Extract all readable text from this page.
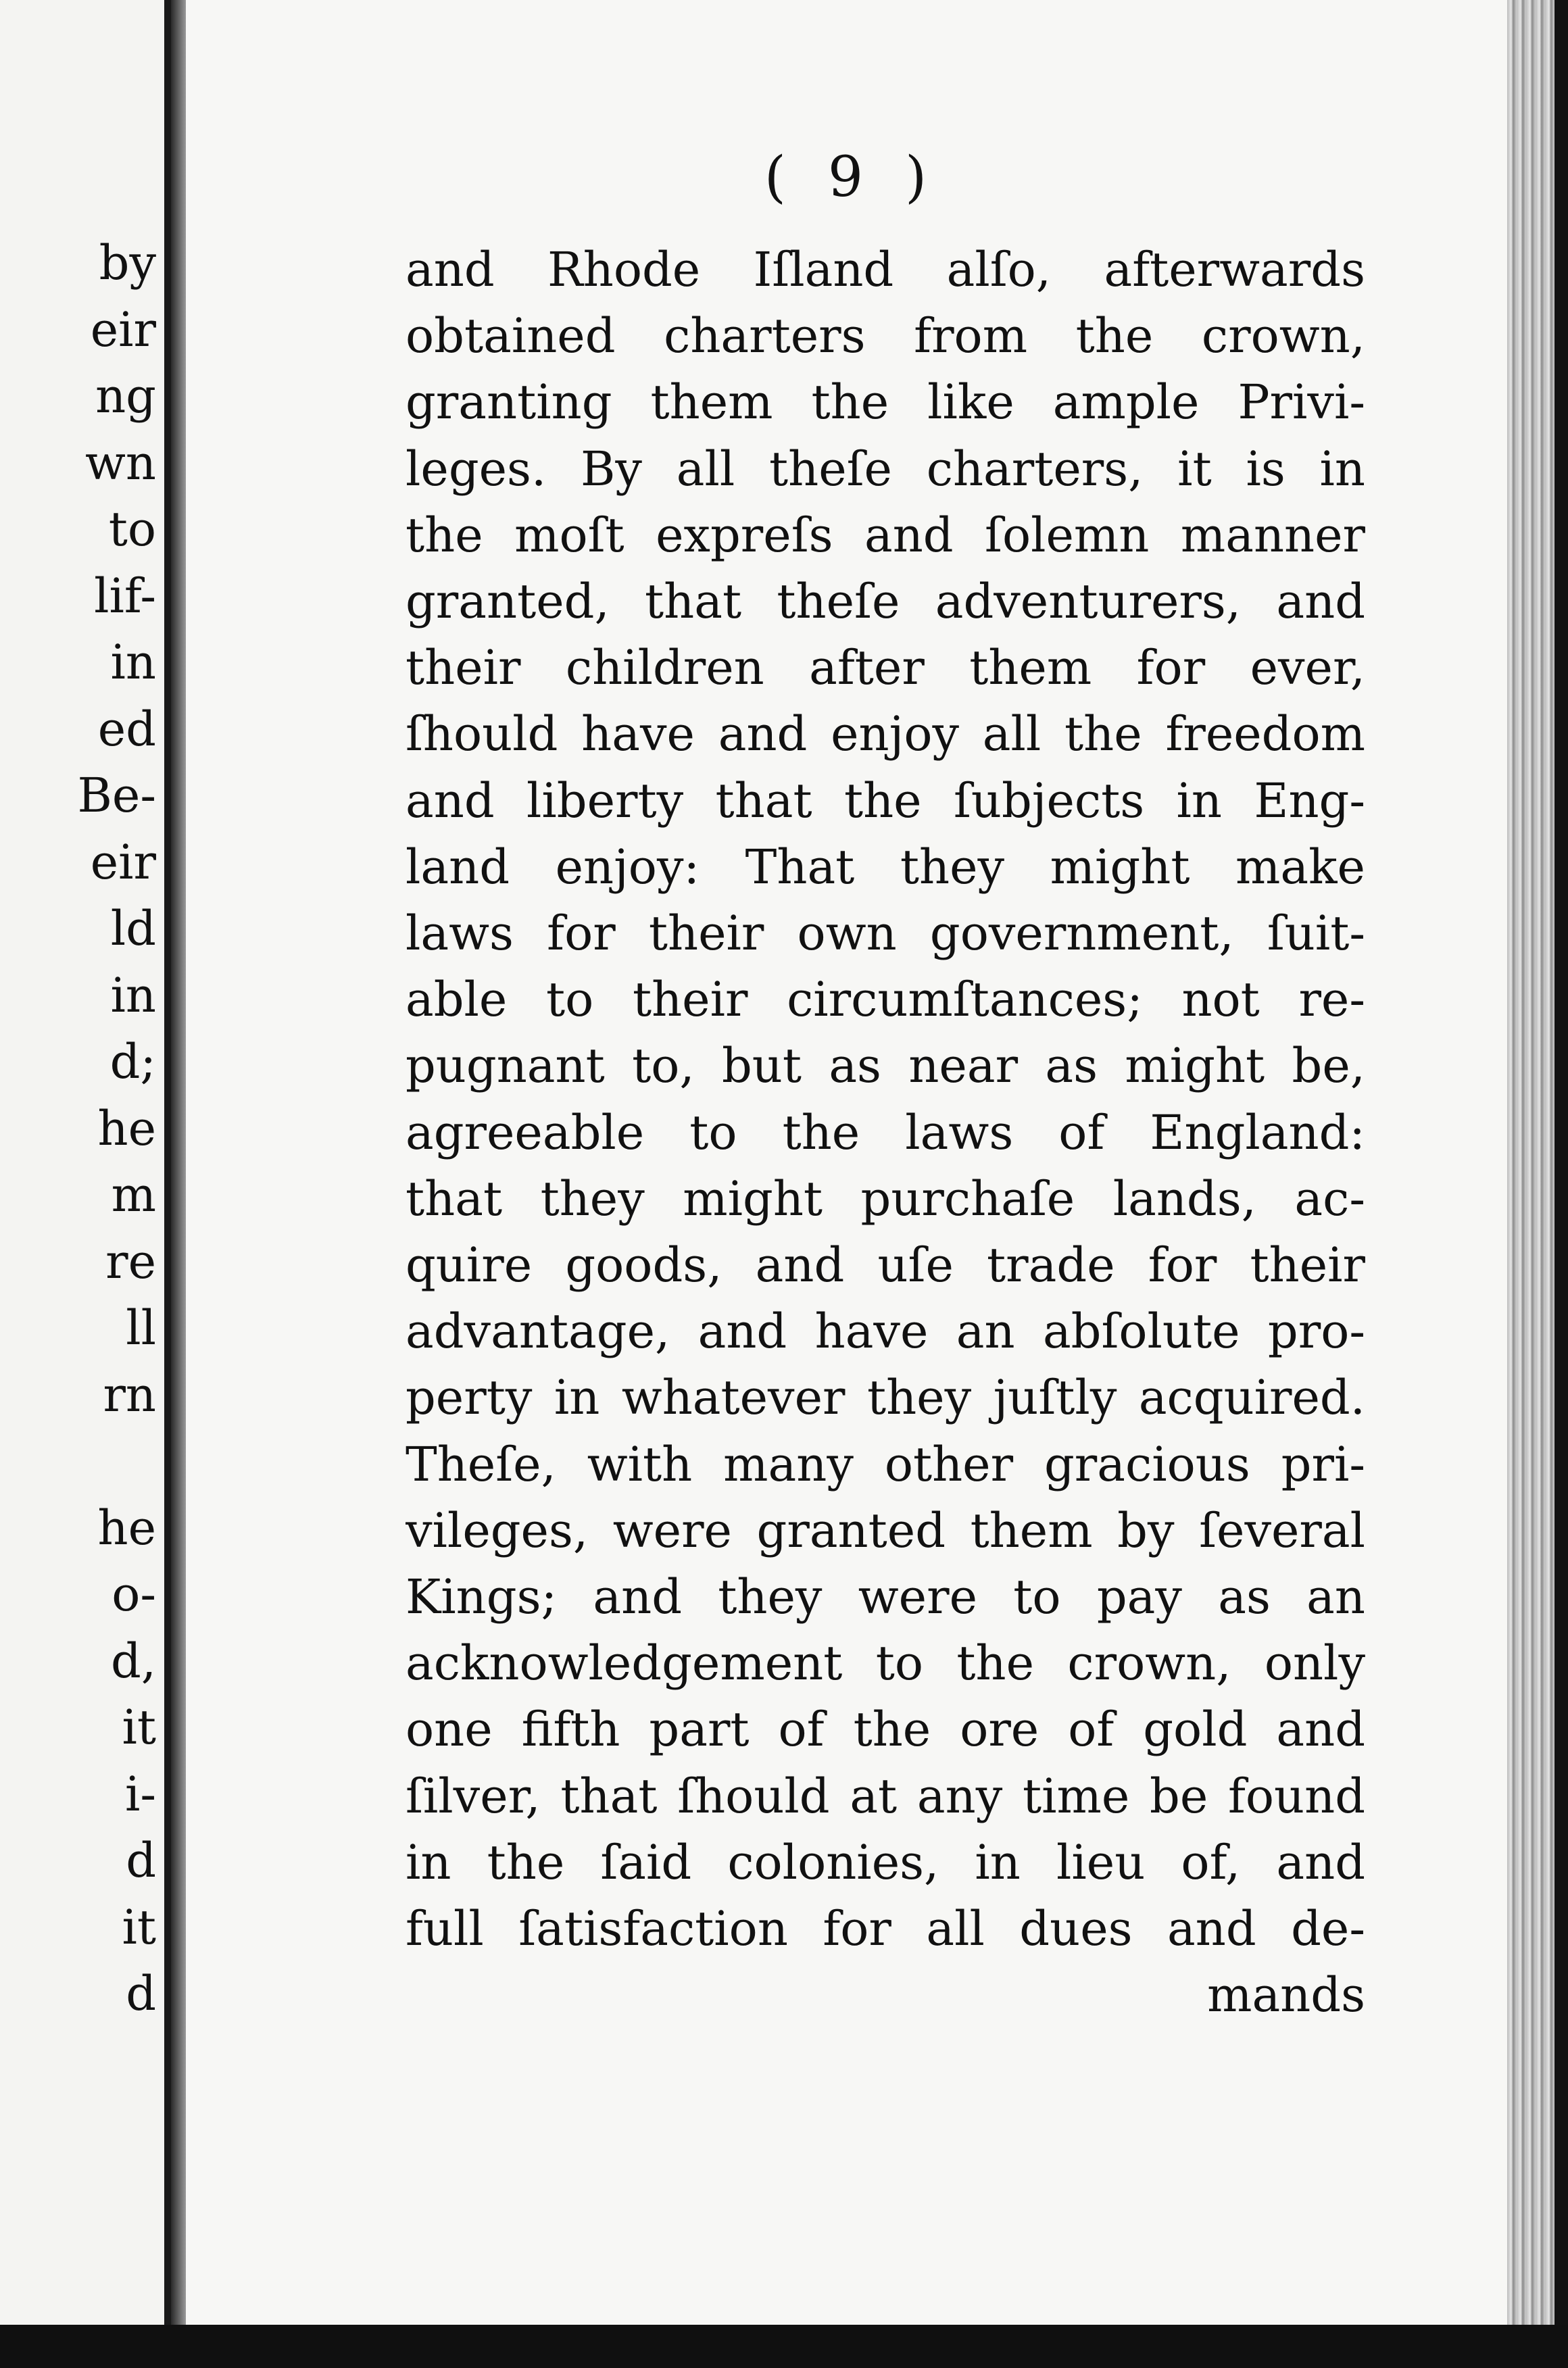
by
eir
ng
wn
to
lif-
in
ed
Be-
eir
ld
in
d;
he
m
re
ll
rn

he
o-
d,
it
i-
d
it
d
( 9 )
and Rhode Iſland alſo, afterwards
obtained charters from the crown,
granting them the like ample Privi-
leges. By all theſe charters, it is in
the moſt expreſs and ſolemn manner
granted, that theſe adventurers, and
their children after them for ever,
ſhould have and enjoy all the freedom
and liberty that the ſubjects in Eng-
land enjoy: That they might make
laws for their own government, ſuit-
able to their circumſtances; not re-
pugnant to, but as near as might be,
agreeable to the laws of England:
that they might purchaſe lands, ac-
quire goods, and uſe trade for their
advantage, and have an abſolute pro-
perty in whatever they juſtly acquired.
Theſe, with many other gracious pri-
vileges, were granted them by ſeveral
Kings; and they were to pay as an
acknowledgement to the crown, only
one fifth part of the ore of gold and
ſilver, that ſhould at any time be found
in the ſaid colonies, in lieu of, and
full ſatisfaction for all dues and de-
mands
